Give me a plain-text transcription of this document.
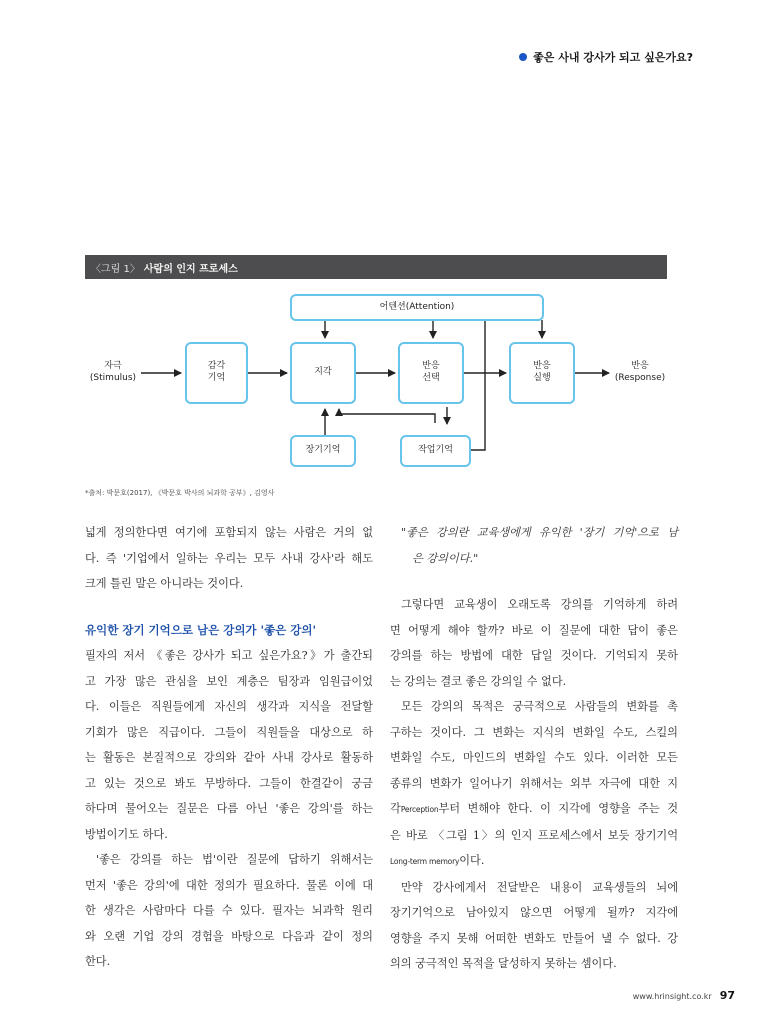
좋은 사내 강사가 되고 싶은가요?
〈그림 1〉 사람의 인지 프로세스
자극
(Stimulus)
감각
기억
지각
반응
선택
반응
실행
반응
(Response)
어텐션(Attention)
장기기억	작업기억
*출처: 박문호(2017), 《박문호 박사의 뇌과학 공부》, 김영사

넓게 정의한다면 여기에 포함되지 않는 사람은 거의 없
다. 즉 '기업에서 일하는 우리는 모두 사내 강사'라 해도
크게 틀린 말은 아니라는 것이다.

유익한 장기 기억으로 남은 강의가 '좋은 강의'

필자의 저서 《좋은 강사가 되고 싶은가요?》가 출간되
고 가장 많은 관심을 보인 계층은 팀장과 임원급이었
다. 이들은 직원들에게 자신의 생각과 지식을 전달할
기회가 많은 직급이다. 그들이 직원들을 대상으로 하
는 활동은 본질적으로 강의와 같아 사내 강사로 활동하
고 있는 것으로 봐도 무방하다. 그들이 한결같이 궁금
하다며 물어오는 질문은 다름 아닌 '좋은 강의'를 하는
방법이기도 하다.

'좋은 강의를 하는 법'이란 질문에 답하기 위해서는
먼저 '좋은 강의'에 대한 정의가 필요하다. 물론 이에 대
한 생각은 사람마다 다를 수 있다. 필자는 뇌과학 원리
와 오랜 기업 강의 경험을 바탕으로 다음과 같이 정의
한다.

"좋은 강의란 교육생에게 유익한 '장기 기억'으로 남
은 강의이다."

그렇다면 교육생이 오래도록 강의를 기억하게 하려
면 어떻게 해야 할까? 바로 이 질문에 대한 답이 좋은
강의를 하는 방법에 대한 답일 것이다. 기억되지 못하
는 강의는 결코 좋은 강의일 수 없다.

모든 강의의 목적은 궁극적으로 사람들의 변화를 촉
구하는 것이다. 그 변화는 지식의 변화일 수도, 스킬의
변화일 수도, 마인드의 변화일 수도 있다. 이러한 모든
종류의 변화가 일어나기 위해서는 외부 자극에 대한 지
각Perception부터 변해야 한다. 이 지각에 영향을 주는 것
은 바로 〈그림 1〉의 인지 프로세스에서 보듯 장기기억
Long-term memory이다.

만약 강사에게서 전달받은 내용이 교육생들의 뇌에
장기기억으로 남아있지 않으면 어떻게 될까? 지각에
영향을 주지 못해 어떠한 변화도 만들어 낼 수 없다. 강
의의 궁극적인 목적을 달성하지 못하는 셈이다.

www.hrinsight.co.kr 97
